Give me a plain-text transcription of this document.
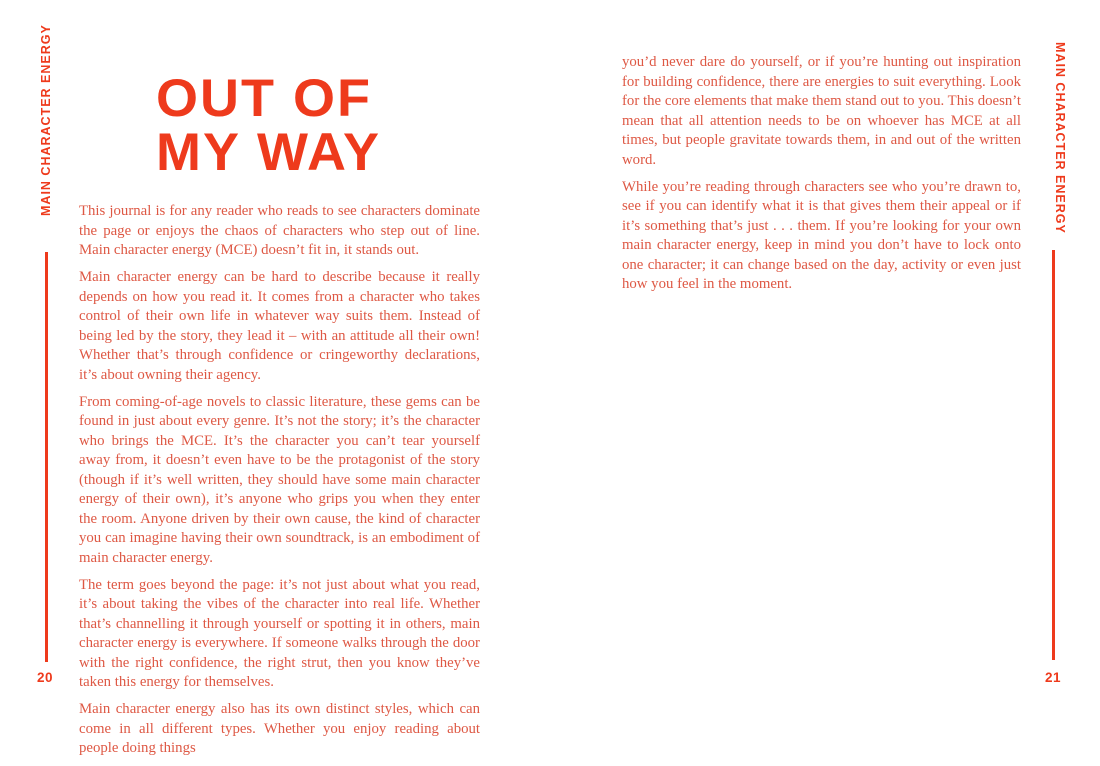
MAIN CHARACTER ENERGY
20
OUT OF
MY WAY

This journal is for any reader who reads to see characters dominate the page or enjoys the chaos of characters who step out of line. Main character energy (MCE) doesn’t fit in, it stands out.

Main character energy can be hard to describe because it really depends on how you read it. It comes from a character who takes control of their own life in whatever way suits them. Instead of being led by the story, they lead it – with an attitude all their own! Whether that’s through confidence or cringeworthy declarations, it’s about owning their agency.

From coming-of-age novels to classic literature, these gems can be found in just about every genre. It’s not the story; it’s the character who brings the MCE. It’s the character you can’t tear yourself away from, it doesn’t even have to be the protagonist of the story (though if it’s well written, they should have some main character energy of their own), it’s anyone who grips you when they enter the room. Anyone driven by their own cause, the kind of character you can imagine having their own soundtrack, is an embodiment of main character energy.

The term goes beyond the page: it’s not just about what you read, it’s about taking the vibes of the character into real life. Whether that’s channelling it through yourself or spotting it in others, main character energy is everywhere. If someone walks through the door with the right confidence, the right strut, then you know they’ve taken this energy for themselves.

Main character energy also has its own distinct styles, which can come in all different types. Whether you enjoy reading about people doing things

MAIN CHARACTER ENERGY
21

you’d never dare do yourself, or if you’re hunting out inspiration for building confidence, there are energies to suit everything. Look for the core elements that make them stand out to you. This doesn’t mean that all attention needs to be on whoever has MCE at all times, but people gravitate towards them, in and out of the written word.

While you’re reading through characters see who you’re drawn to, see if you can identify what it is that gives them their appeal or if it’s something that’s just . . . them. If you’re looking for your own main character energy, keep in mind you don’t have to lock onto one character; it can change based on the day, activity or even just how you feel in the moment.
